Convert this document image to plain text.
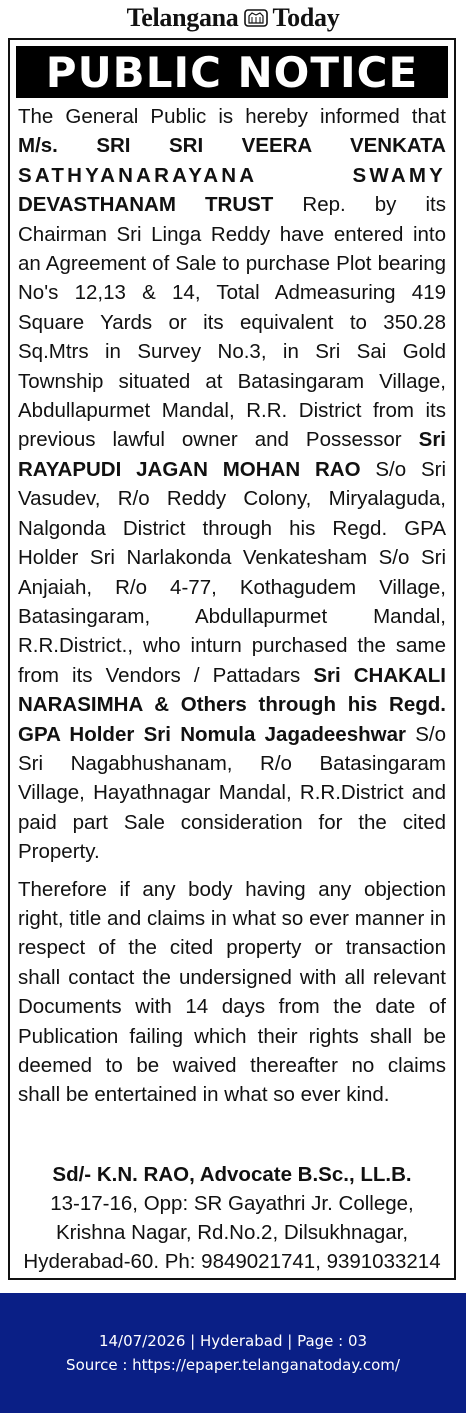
Telangana Today
PUBLIC NOTICE

The General Public is hereby informed that M/s. SRI SRI VEERA VENKATA SATHYANARAYANA SWAMY DEVASTHANAM TRUST Rep. by its Chairman Sri Linga Reddy have entered into an Agreement of Sale to purchase Plot bearing No's 12,13 & 14, Total Admeasuring 419 Square Yards or its equivalent to 350.28 Sq.Mtrs in Survey No.3, in Sri Sai Gold Township situated at Batasingaram Village, Abdullapurmet Mandal, R.R. District from its previous lawful owner and Possessor Sri RAYAPUDI JAGAN MOHAN RAO S/o Sri Vasudev, R/o Reddy Colony, Miryalaguda, Nalgonda District through his Regd. GPA Holder Sri Narlakonda Venkatesham S/o Sri Anjaiah, R/o 4-77, Kothagudem Village, Batasingaram, Abdullapurmet Mandal, R.R.District., who inturn purchased the same from its Vendors / Pattadars Sri CHAKALI NARASIMHA & Others through his Regd. GPA Holder Sri Nomula Jagadeeshwar S/o Sri Nagabhushanam, R/o Batasingaram Village, Hayathnagar Mandal, R.R.District and paid part Sale consideration for the cited Property.

Therefore if any body having any objection right, title and claims in what so ever manner in respect of the cited property or transaction shall contact the undersigned with all relevant Documents with 14 days from the date of Publication failing which their rights shall be deemed to be waived thereafter no claims shall be entertained in what so ever kind.

Sd/- K.N. RAO, Advocate B.Sc., LL.B.
13-17-16, Opp: SR Gayathri Jr. College,
Krishna Nagar, Rd.No.2, Dilsukhnagar,
Hyderabad-60. Ph: 9849021741, 9391033214
14/07/2026 | Hyderabad | Page : 03
Source : https://epaper.telanganatoday.com/
